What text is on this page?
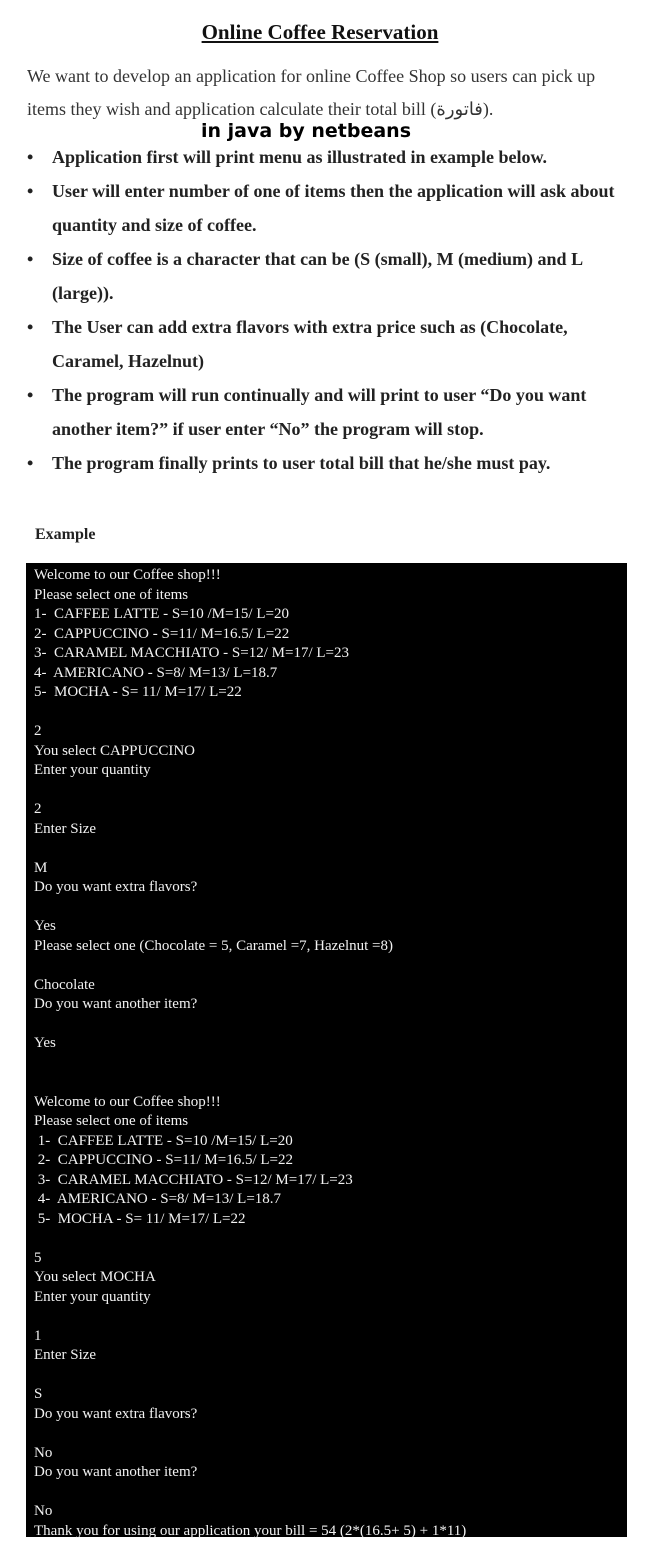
Online Coffee Reservation
We want to develop an application for online Coffee Shop so users can pick up items they wish and application calculate their total bill (فاتورة).
in java by netbeans
• Application first will print menu as illustrated in example below.
• User will enter number of one of items then the application will ask about quantity and size of coffee.
• Size of coffee is a character that can be (S (small), M (medium) and L (large)).
• The User can add extra flavors with extra price such as (Chocolate, Caramel, Hazelnut)
• The program will run continually and will print to user “Do you want another item?” if user enter “No” the program will stop.
• The program finally prints to user total bill that he/she must pay.
Example
Welcome to our Coffee shop!!!
Please select one of items
1-  CAFFEE LATTE - S=10 /M=15/ L=20
2-  CAPPUCCINO - S=11/ M=16.5/ L=22
3-  CARAMEL MACCHIATO - S=12/ M=17/ L=23
4-  AMERICANO - S=8/ M=13/ L=18.7
5-  MOCHA - S= 11/ M=17/ L=22
2
You select CAPPUCCINO
Enter your quantity
2
Enter Size
M
Do you want extra flavors?
Yes
Please select one (Chocolate = 5, Caramel =7, Hazelnut =8)
Chocolate
Do you want another item?
Yes
Welcome to our Coffee shop!!!
Please select one of items
1-  CAFFEE LATTE - S=10 /M=15/ L=20
2-  CAPPUCCINO - S=11/ M=16.5/ L=22
3-  CARAMEL MACCHIATO - S=12/ M=17/ L=23
4-  AMERICANO - S=8/ M=13/ L=18.7
5-  MOCHA - S= 11/ M=17/ L=22
5
You select MOCHA
Enter your quantity
1
Enter Size
S
Do you want extra flavors?
No
Do you want another item?
No
Thank you for using our application your bill = 54 (2*(16.5+ 5) + 1*11)
